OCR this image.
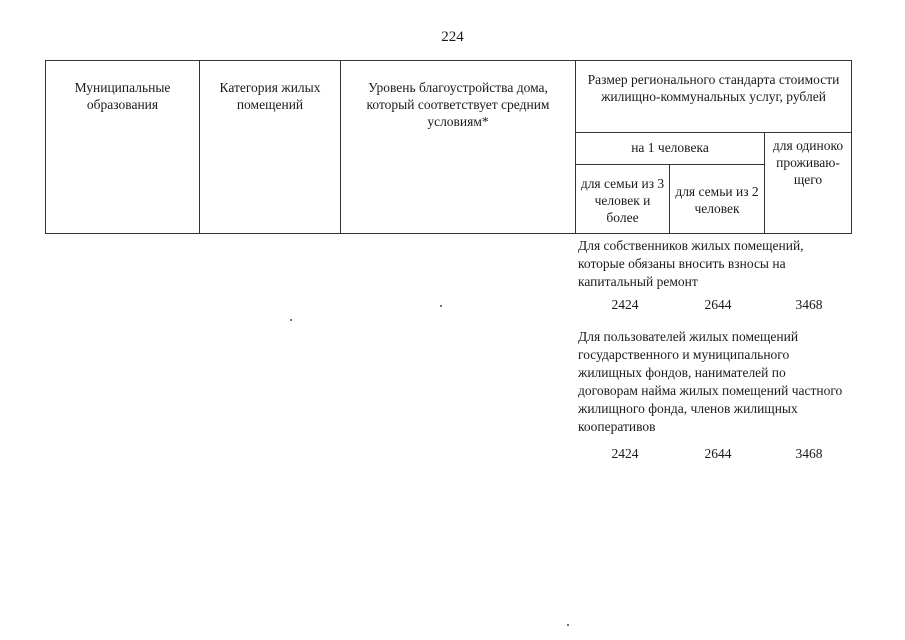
224
Муниципальные образования	Категория жилых помещений	Уровень благоустройства дома, который соответствует средним условиям*	Размер регионального стандарта стоимости жилищно-коммунальных услуг, рублей		
			на 1 человека		для одиноко проживаю-щего
			для семьи из 3 человек и более	для семьи из 2 человек	
Для собственников жилых помещений, которые обязаны вносить взносы на капитальный ремонт
2424	2644	3468
Для пользователей жилых помещений государственного и муниципального жилищных фондов, нанимателей по договорам найма жилых помещений частного жилищного фонда, членов жилищных кооперативов
2424	2644	3468
